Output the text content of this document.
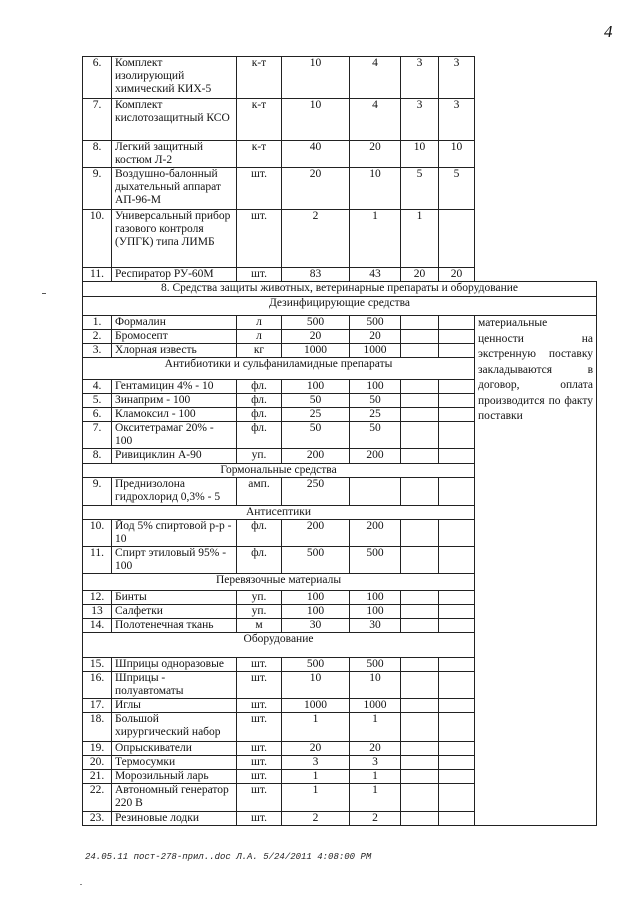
4
6.	Комплект изолирующий химический КИХ-5	к-т	10	4	3	3	
7.	Комплект кислотозащитный КСО	к-т	10	4	3	3	
8.	Легкий защитный костюм Л-2	к-т	40	20	10	10	
9.	Воздушно-балонный дыхательный аппарат АП-96-М	шт.	20	10	5	5	
10.	Универсальный прибор газового контроля (УПГК) типа ЛИМБ	шт.	2	1	1		
11.	Респиратор РУ-60М	шт.	83	43	20	20	
8. Средства защиты животных, ветеринарные препараты и оборудование							
Дезинфицирующие средства							
1.	Формалин	л	500	500			материальные ценности на экстренную поставку закладываются в договор, оплата производится по факту поставки
2.	Бромосепт	л	20	20			
3.	Хлорная известь	кг	1000	1000			
Антибиотики и сульфаниламидные препараты							
4.	Гентамицин 4% - 10	фл.	100	100			
5.	Зинаприм - 100	фл.	50	50			
6.	Кламоксил - 100	фл.	25	25			
7.	Окситетрамаг 20% - 100	фл.	50	50			
8.	Ривициклин А-90	уп.	200	200			
Гормональные средства							
9.	Преднизолона гидрохлорид 0,3% - 5	амп.	250				
Антисептики							
10.	Йод 5% спиртовой р-р - 10	фл.	200	200			
11.	Спирт этиловый 95% - 100	фл.	500	500			
Перевязочные материалы							
12.	Бинты	уп.	100	100			
13	Салфетки	уп.	100	100			
14.	Полотенечная ткань	м	30	30			
Оборудование							
15.	Шприцы одноразовые	шт.	500	500			
16.	Шприцы - полуавтоматы	шт.	10	10			
17.	Иглы	шт.	1000	1000			
18.	Большой хирургический набор	шт.	1	1			
19.	Опрыскиватели	шт.	20	20			
20.	Термосумки	шт.	3	3			
21.	Морозильный ларь	шт.	1	1			
22.	Автономный генератор 220 В	шт.	1	1			
23.	Резиновые лодки	шт.	2	2			
24.05.11 пост-278-прил..doc Л.А. 5/24/2011 4:08:00 PM
